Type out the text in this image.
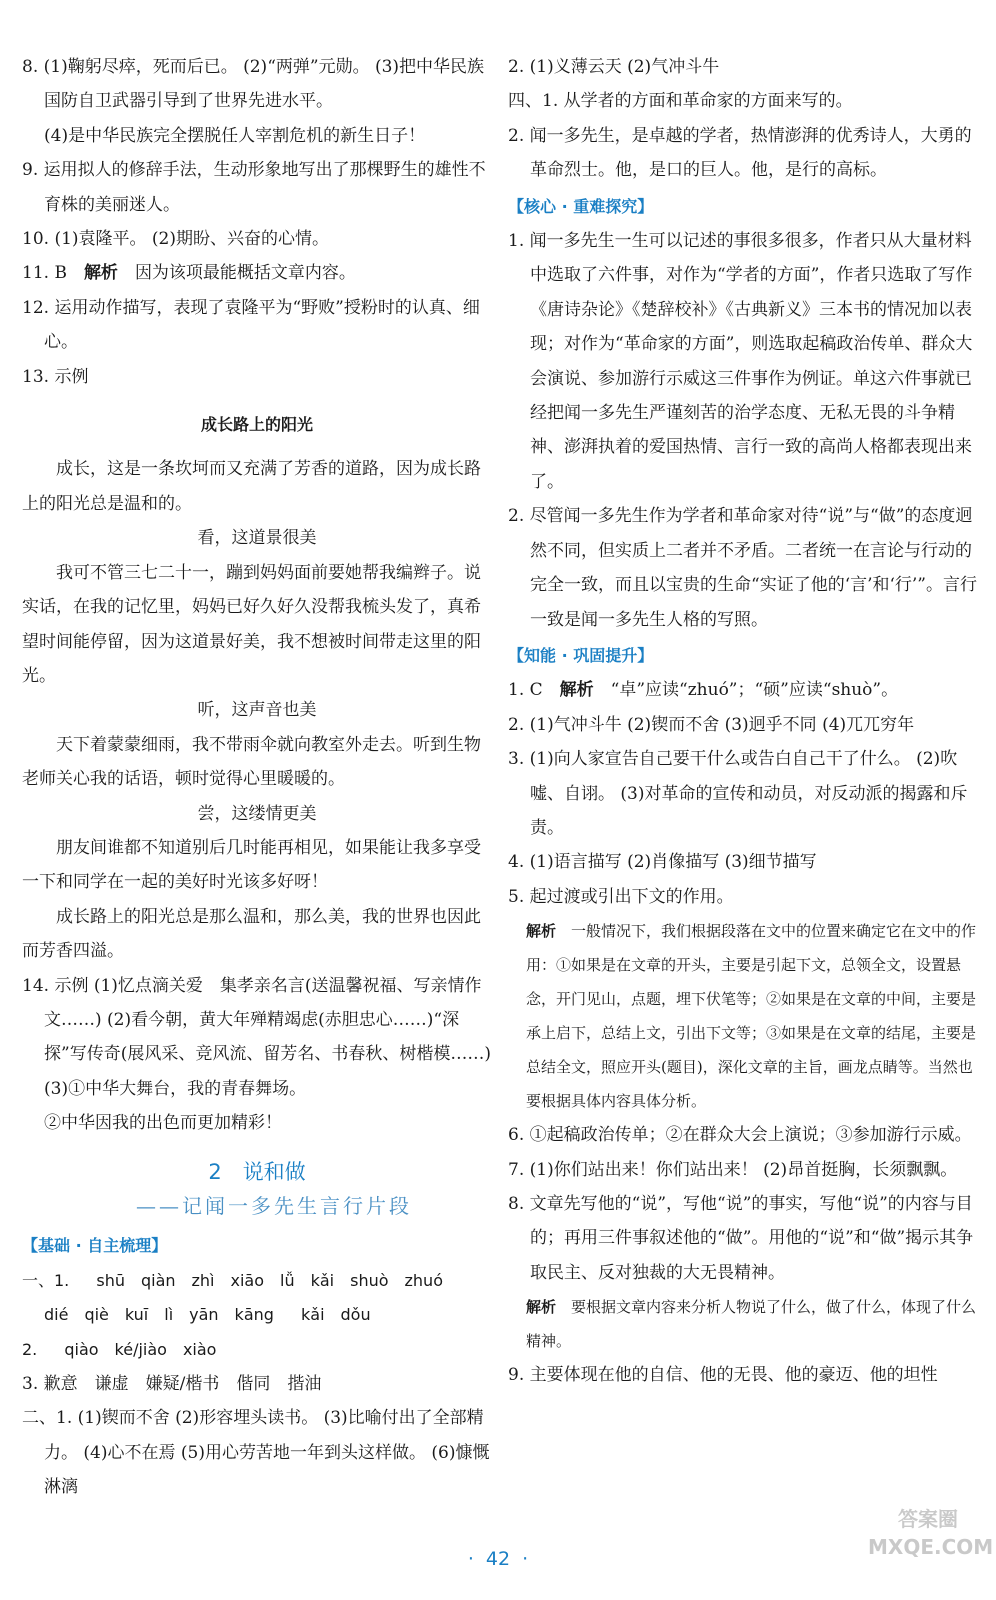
8. (1)鞠躬尽瘁，死而后已。 (2)“两弹”元勋。 (3)把中华民族国防自卫武器引导到了世界先进水平。
(4)是中华民族完全摆脱任人宰割危机的新生日子！
9. 运用拟人的修辞手法，生动形象地写出了那棵野生的雄性不育株的美丽迷人。
10. (1)袁隆平。 (2)期盼、兴奋的心情。
11. B　 解析　 因为该项最能概括文章内容。
12. 运用动作描写，表现了袁隆平为“野败”授粉时的认真、细心。
13. 示例
成长路上的阳光
成长，这是一条坎坷而又充满了芳香的道路，因为成长路上的阳光总是温和的。
看，这道景很美
我可不管三七二十一，蹦到妈妈面前要她帮我编辫子。说实话，在我的记忆里，妈妈已好久好久没帮我梳头发了，真希望时间能停留，因为这道景好美，我不想被时间带走这里的阳光。
听，这声音也美
天下着蒙蒙细雨，我不带雨伞就向教室外走去。听到生物老师关心我的话语，顿时觉得心里暖暖的。
尝，这缕情更美
朋友间谁都不知道别后几时能再相见，如果能让我多享受一下和同学在一起的美好时光该多好呀！
成长路上的阳光总是那么温和，那么美，我的世界也因此而芳香四溢。
14. 示例 (1)忆点滴关爱　集孝亲名言(送温馨祝福、写亲情作文……) (2)看今朝，黄大年殚精竭虑(赤胆忠心……)“深探”写传奇(展风采、竞风流、留芳名、书春秋、树楷模……) (3)①中华大舞台，我的青春舞场。
②中华因我的出色而更加精彩！
2　 说和做
——记闻一多先生言行片段
【基础 · 自主梳理】
一、1. shū　qiàn　zhì　xiāo　lǚ　kǎi　shuò　zhuó
dié　qiè　kuī　lì　yān　kāng kǎi　dǒu
2. qiào　ké/jiào　xiào
3. 歉意　谦虚　嫌疑/楷书　偕同　揩油
二、1. (1)锲而不舍 (2)形容埋头读书。 (3)比喻付出了全部精力。 (4)心不在焉 (5)用心劳苦地一年到头这样做。 (6)慷慨淋漓
2. (1)义薄云天 (2)气冲斗牛
四、1. 从学者的方面和革命家的方面来写的。
2. 闻一多先生，是卓越的学者，热情澎湃的优秀诗人，大勇的革命烈士。他，是口的巨人。他，是行的高标。
【核心 · 重难探究】
1. 闻一多先生一生可以记述的事很多很多，作者只从大量材料中选取了六件事，对作为“学者的方面”，作者只选取了写作《唐诗杂论》《楚辞校补》《古典新义》三本书的情况加以表现；对作为“革命家的方面”，则选取起稿政治传单、群众大会演说、参加游行示威这三件事作为例证。单这六件事就已经把闻一多先生严谨刻苦的治学态度、无私无畏的斗争精神、澎湃执着的爱国热情、言行一致的高尚人格都表现出来了。
2. 尽管闻一多先生作为学者和革命家对待“说”与“做”的态度迥然不同，但实质上二者并不矛盾。二者统一在言论与行动的完全一致，而且以宝贵的生命“实证了他的‘言’和‘行’”。言行一致是闻一多先生人格的写照。
【知能 · 巩固提升】
1. C　 解析　 “卓”应读“zhuó”；“硕”应读“shuò”。
2. (1)气冲斗牛 (2)锲而不舍 (3)迥乎不同 (4)兀兀穷年
3. (1)向人家宣告自己要干什么或告白自己干了什么。 (2)吹嘘、自诩。 (3)对革命的宣传和动员，对反动派的揭露和斥责。
4. (1)语言描写 (2)肖像描写 (3)细节描写
5. 起过渡或引出下文的作用。
解析　 一般情况下，我们根据段落在文中的位置来确定它在文中的作用：①如果是在文章的开头，主要是引起下文，总领全文，设置悬念，开门见山，点题，埋下伏笔等；②如果是在文章的中间，主要是承上启下，总结上文，引出下文等；③如果是在文章的结尾，主要是总结全文，照应开头(题目)，深化文章的主旨，画龙点睛等。当然也要根据具体内容具体分析。
6. ①起稿政治传单；②在群众大会上演说；③参加游行示威。
7. (1)你们站出来！你们站出来！ (2)昂首挺胸，长须飘飘。
8. 文章先写他的“说”，写他“说”的事实，写他“说”的内容与目的；再用三件事叙述他的“做”。用他的“说”和“做”揭示其争取民主、反对独裁的大无畏精神。
解析　 要根据文章内容来分析人物说了什么，做了什么，体现了什么精神。
9. 主要体现在他的自信、他的无畏、他的豪迈、他的坦性
· 42 ·
答案圈
MXQE.COM
